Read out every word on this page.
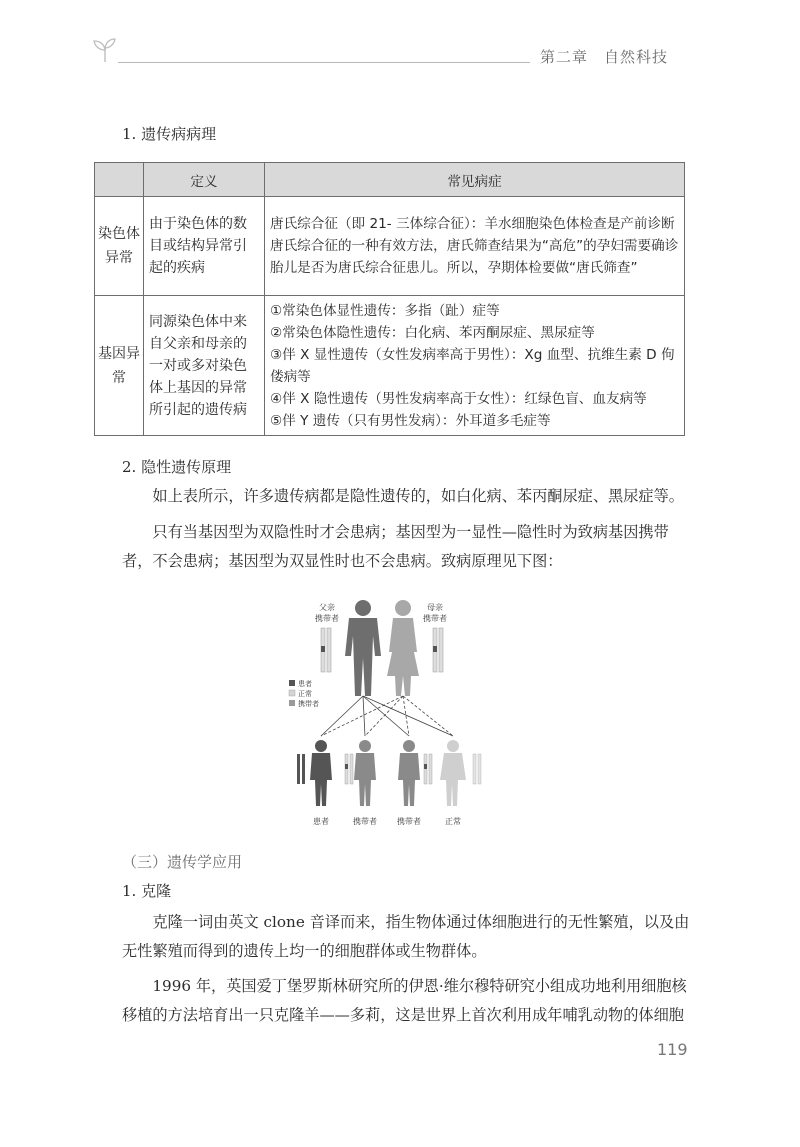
第二章　自然科技
1. 遗传病病理
	定义	常见病症
染色体异常	由于染色体的数目或结构异常引起的疾病	唐氏综合征（即 21- 三体综合征）：羊水细胞染色体检查是产前诊断唐氏综合征的一种有效方法，唐氏筛查结果为“高危”的孕妇需要确诊胎儿是否为唐氏综合征患儿。所以，孕期体检要做“唐氏筛查”
基因异常	同源染色体中来自父亲和母亲的一对或多对染色体上基因的异常所引起的遗传病	①常染色体显性遗传：多指（趾）症等
②常染色体隐性遗传：白化病、苯丙酮尿症、黑尿症等
③伴 X 显性遗传（女性发病率高于男性）：Xg 血型、抗维生素 D 佝偻病等
④伴 X 隐性遗传（男性发病率高于女性）：红绿色盲、血友病等
⑤伴 Y 遗传（只有男性发病）：外耳道多毛症等
2. 隐性遗传原理
如上表所示，许多遗传病都是隐性遗传的，如白化病、苯丙酮尿症、黑尿症等。
只有当基因型为双隐性时才会患病；基因型为一显性—隐性时为致病基因携带者，不会患病；基因型为双显性时也不会患病。致病原理见下图：
父亲
携带者
母亲
携带者
患者
正常
携带者
患者	携带者	携带者	正常
（三）遗传学应用
1. 克隆
克隆一词由英文 clone 音译而来，指生物体通过体细胞进行的无性繁殖，以及由无性繁殖而得到的遗传上均一的细胞群体或生物群体。
1996 年，英国爱丁堡罗斯林研究所的伊恩·维尔穆特研究小组成功地利用细胞核移植的方法培育出一只克隆羊——多莉，这是世界上首次利用成年哺乳动物的体细胞
119
